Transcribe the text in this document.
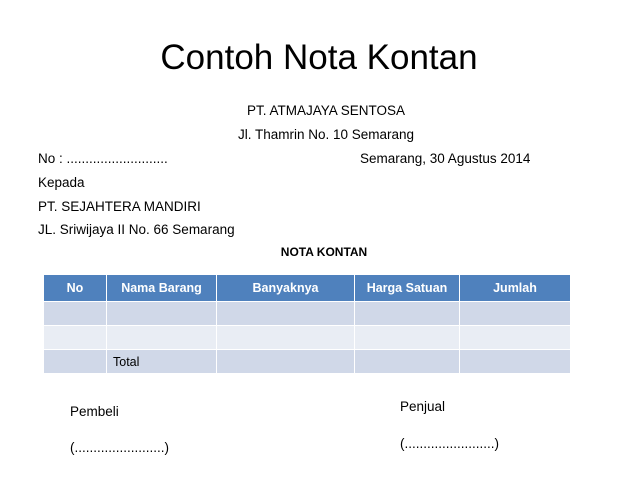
Contoh Nota Kontan
PT. ATMAJAYA SENTOSA
Jl. Thamrin No. 10 Semarang
No : ...........................	Semarang, 30 Agustus 2014
Kepada
PT. SEJAHTERA MANDIRI
JL. Sriwijaya II No. 66 Semarang
NOTA KONTAN
No	Nama Barang	Banyaknya	Harga Satuan	Jumlah

	Total			
Pembeli
(........................)
Penjual
(........................)
